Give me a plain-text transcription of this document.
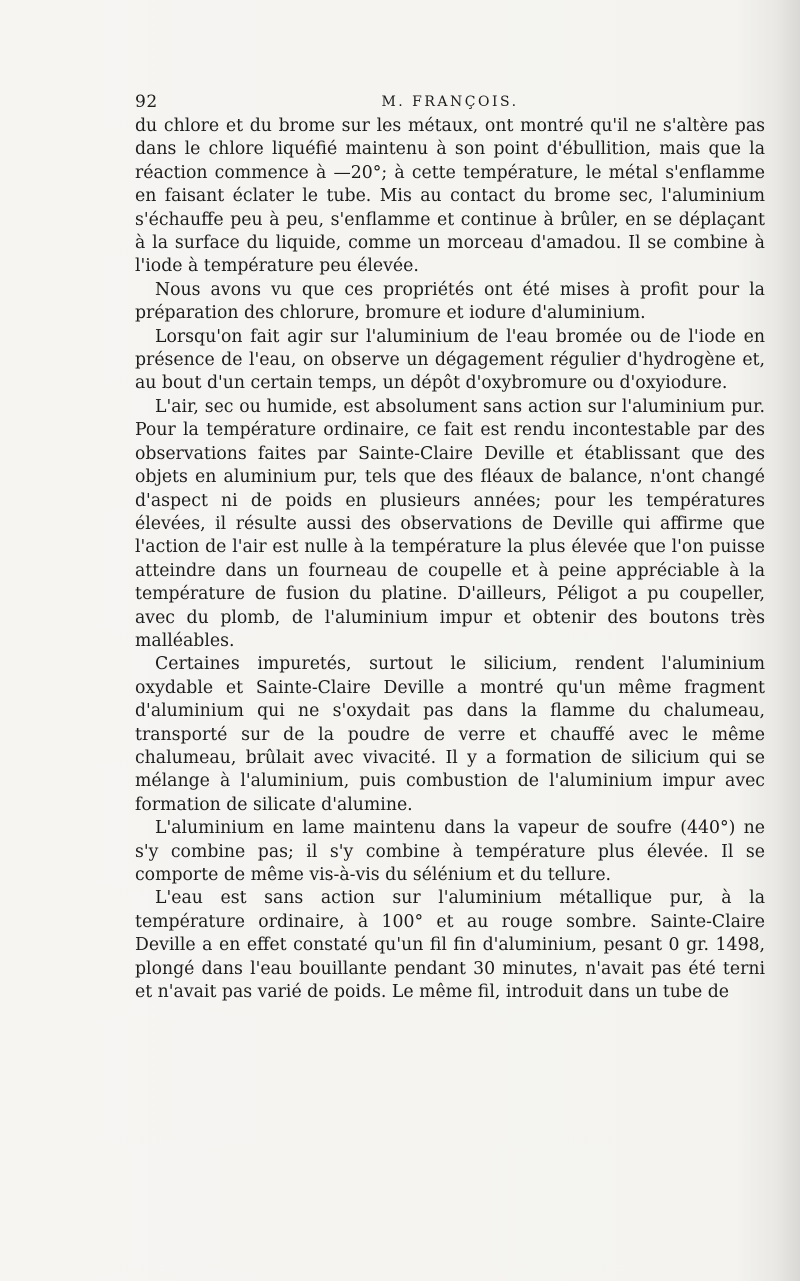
92	M. FRANÇOIS.

du chlore et du brome sur les métaux, ont montré qu'il ne s'altère pas dans le chlore liquéfié maintenu à son point d'ébullition, mais que la réaction commence à —20°; à cette température, le métal s'enflamme en faisant éclater le tube. Mis au contact du brome sec, l'aluminium s'échauffe peu à peu, s'enflamme et continue à brûler, en se déplaçant à la surface du liquide, comme un morceau d'amadou. Il se combine à l'iode à température peu élevée.

Nous avons vu que ces propriétés ont été mises à profit pour la préparation des chlorure, bromure et iodure d'aluminium.

Lorsqu'on fait agir sur l'aluminium de l'eau bromée ou de l'iode en présence de l'eau, on observe un dégagement régulier d'hydrogène et, au bout d'un certain temps, un dépôt d'oxybromure ou d'oxyiodure.

L'air, sec ou humide, est absolument sans action sur l'aluminium pur. Pour la température ordinaire, ce fait est rendu incontestable par des observations faites par Sainte-Claire Deville et établissant que des objets en aluminium pur, tels que des fléaux de balance, n'ont changé d'aspect ni de poids en plusieurs années; pour les températures élevées, il résulte aussi des observations de Deville qui affirme que l'action de l'air est nulle à la température la plus élevée que l'on puisse atteindre dans un fourneau de coupelle et à peine appréciable à la température de fusion du platine. D'ailleurs, Péligot a pu coupeller, avec du plomb, de l'aluminium impur et obtenir des boutons très malléables.

Certaines impuretés, surtout le silicium, rendent l'aluminium oxydable et Sainte-Claire Deville a montré qu'un même fragment d'aluminium qui ne s'oxydait pas dans la flamme du chalumeau, transporté sur de la poudre de verre et chauffé avec le même chalumeau, brûlait avec vivacité. Il y a formation de silicium qui se mélange à l'aluminium, puis combustion de l'aluminium impur avec formation de silicate d'alumine.

L'aluminium en lame maintenu dans la vapeur de soufre (440°) ne s'y combine pas; il s'y combine à température plus élevée. Il se comporte de même vis-à-vis du sélénium et du tellure.

L'eau est sans action sur l'aluminium métallique pur, à la température ordinaire, à 100° et au rouge sombre. Sainte-Claire Deville a en effet constaté qu'un fil fin d'aluminium, pesant 0 gr. 1498, plongé dans l'eau bouillante pendant 30 minutes, n'avait pas été terni et n'avait pas varié de poids. Le même fil, introduit dans un tube de
